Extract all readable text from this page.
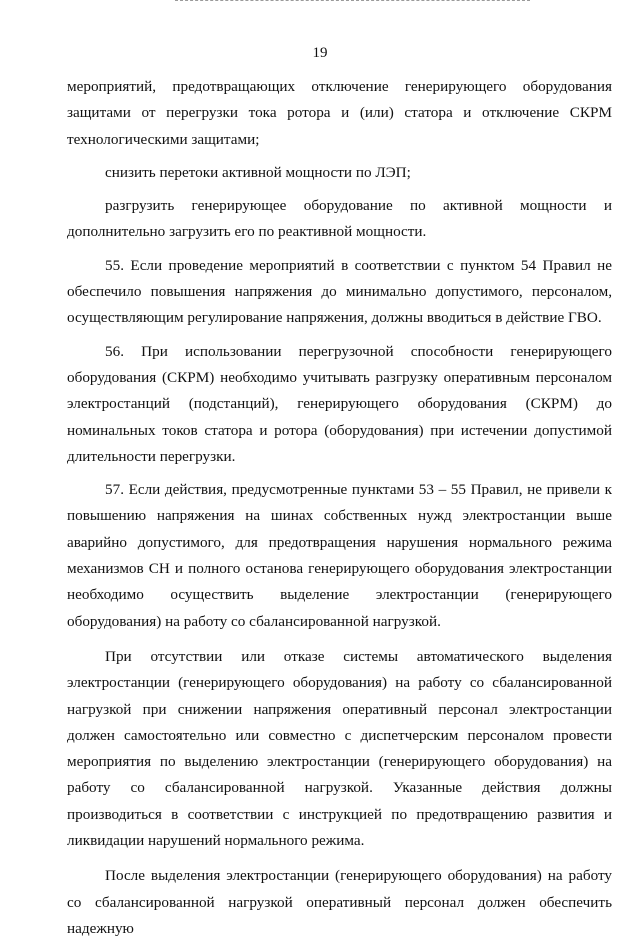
19

мероприятий, предотвращающих отключение генерирующего оборудования защитами от перегрузки тока ротора и (или) статора и отключение СКРМ технологическими защитами;

снизить перетоки активной мощности по ЛЭП;

разгрузить генерирующее оборудование по активной мощности и дополнительно загрузить его по реактивной мощности.

55. Если проведение мероприятий в соответствии с пунктом 54 Правил не обеспечило повышения напряжения до минимально допустимого, персоналом, осуществляющим регулирование напряжения, должны вводиться в действие ГВО.

56. При использовании перегрузочной способности генерирующего оборудования (СКРМ) необходимо учитывать разгрузку оперативным персоналом электростанций (подстанций), генерирующего оборудования (СКРМ) до номинальных токов статора и ротора (оборудования) при истечении допустимой длительности перегрузки.

57. Если действия, предусмотренные пунктами 53 – 55 Правил, не привели к повышению напряжения на шинах собственных нужд электростанции выше аварийно допустимого, для предотвращения нарушения нормального режима механизмов СН и полного останова генерирующего оборудования электростанции необходимо осуществить выделение электростанции (генерирующего оборудования) на работу со сбалансированной нагрузкой.

При отсутствии или отказе системы автоматического выделения электростанции (генерирующего оборудования) на работу со сбалансированной нагрузкой при снижении напряжения оперативный персонал электростанции должен самостоятельно или совместно с диспетчерским персоналом провести мероприятия по выделению электростанции (генерирующего оборудования) на работу со сбалансированной нагрузкой. Указанные действия должны производиться в соответствии с инструкцией по предотвращению развития и ликвидации нарушений нормального режима.

После выделения электростанции (генерирующего оборудования) на работу со сбалансированной нагрузкой оперативный персонал должен обеспечить надежную
